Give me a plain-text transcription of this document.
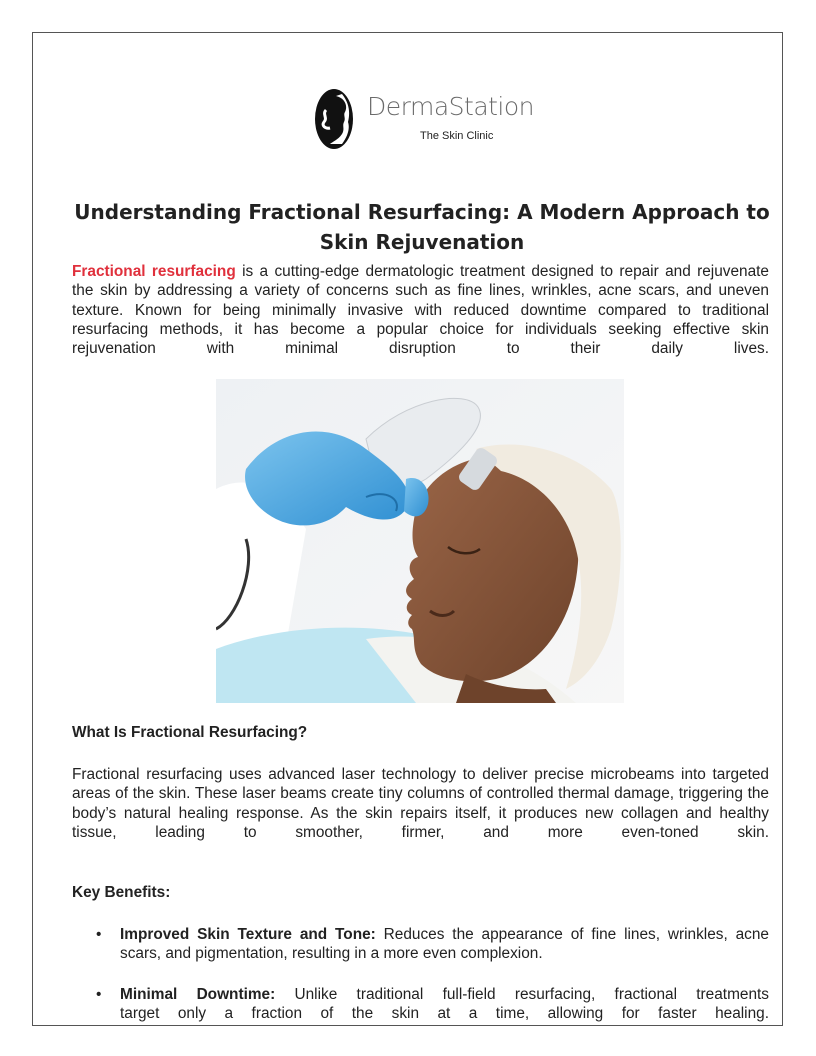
DermaStation
The Skin Clinic
Understanding Fractional Resurfacing: A Modern Approach to Skin Rejuvenation
Fractional resurfacing is a cutting-edge dermatologic treatment designed to repair and rejuvenate the skin by addressing a variety of concerns such as fine lines, wrinkles, acne scars, and uneven texture. Known for being minimally invasive with reduced downtime compared to traditional resurfacing methods, it has become a popular choice for individuals seeking effective skin rejuvenation with minimal disruption to their daily lives.
What Is Fractional Resurfacing?
Fractional resurfacing uses advanced laser technology to deliver precise microbeams into targeted areas of the skin. These laser beams create tiny columns of controlled thermal damage, triggering the body’s natural healing response. As the skin repairs itself, it produces new collagen and healthy tissue, leading to smoother, firmer, and more even-toned skin.
Key Benefits:
• Improved Skin Texture and Tone: Reduces the appearance of fine lines, wrinkles, acne scars, and pigmentation, resulting in a more even complexion.
• Minimal Downtime: Unlike traditional full-field resurfacing, fractional treatments
target only a fraction of the skin at a time, allowing for faster healing.
